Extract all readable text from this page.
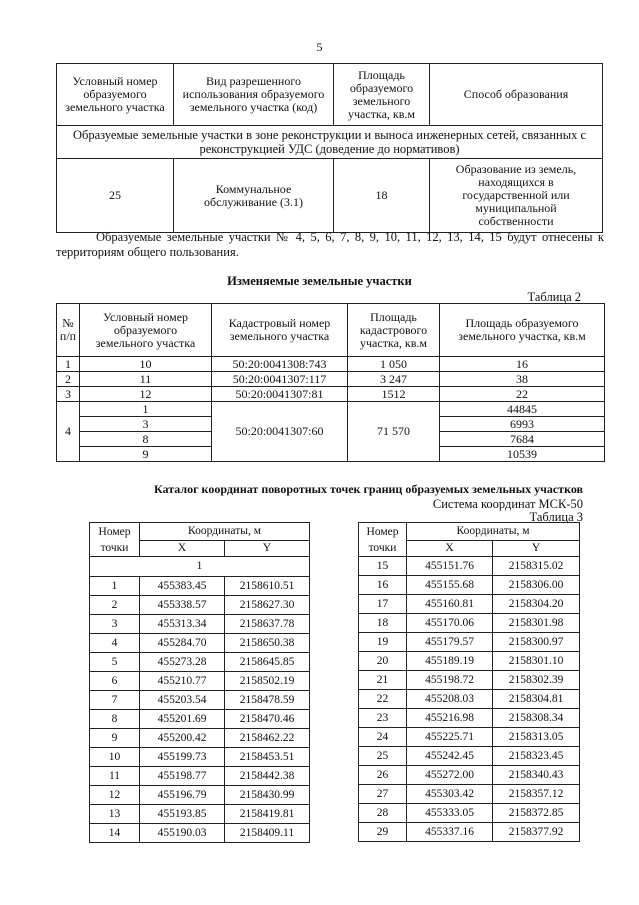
5
Условный номер образуемого земельного участка	Вид разрешенного использования образуемого земельного участка (код)	Площадь образуемого земельного участка, кв.м	Способ образования
Образуемые земельные участки в зоне реконструкции и выноса инженерных сетей, связанных с реконструкцией УДС (доведение до нормативов)			
25	Коммунальное обслуживание (3.1)	18	Образование из земель, находящихся в государственной или муниципальной собственности
Образуемые земельные участки № 4, 5, 6, 7, 8, 9, 10, 11, 12, 13, 14, 15 будут отнесены к территориям общего пользования.
Изменяемые земельные участки
Таблица 2
№ п/п	Условный номер образуемого земельного участка	Кадастровый номер земельного участка	Площадь кадастрового участка, кв.м	Площадь образуемого земельного участка, кв.м
1	10	50:20:0041308:743	1 050	16
2	11	50:20:0041307:117	3 247	38
3	12	50:20:0041307:81	1512	22
4	1	50:20:0041307:60	71 570	44845
	3			6993
	8			7684
	9			10539
Каталог координат поворотных точек границ образуемых земельных участков
Система координат МСК-50
Таблица 3
Номер точки	Координаты, м	
	X	Y
1		
1	455383.45	2158610.51
2	455338.57	2158627.30
3	455313.34	2158637.78
4	455284.70	2158650.38
5	455273.28	2158645.85
6	455210.77	2158502.19
7	455203.54	2158478.59
8	455201.69	2158470.46
9	455200.42	2158462.22
10	455199.73	2158453.51
11	455198.77	2158442.38
12	455196.79	2158430.99
13	455193.85	2158419.81
14	455190.03	2158409.11
Номер точки	Координаты, м	
	X	Y
15	455151.76	2158315.02
16	455155.68	2158306.00
17	455160.81	2158304.20
18	455170.06	2158301.98
19	455179.57	2158300.97
20	455189.19	2158301.10
21	455198.72	2158302.39
22	455208.03	2158304.81
23	455216.98	2158308.34
24	455225.71	2158313.05
25	455242.45	2158323.45
26	455272.00	2158340.43
27	455303.42	2158357.12
28	455333.05	2158372.85
29	455337.16	2158377.92
